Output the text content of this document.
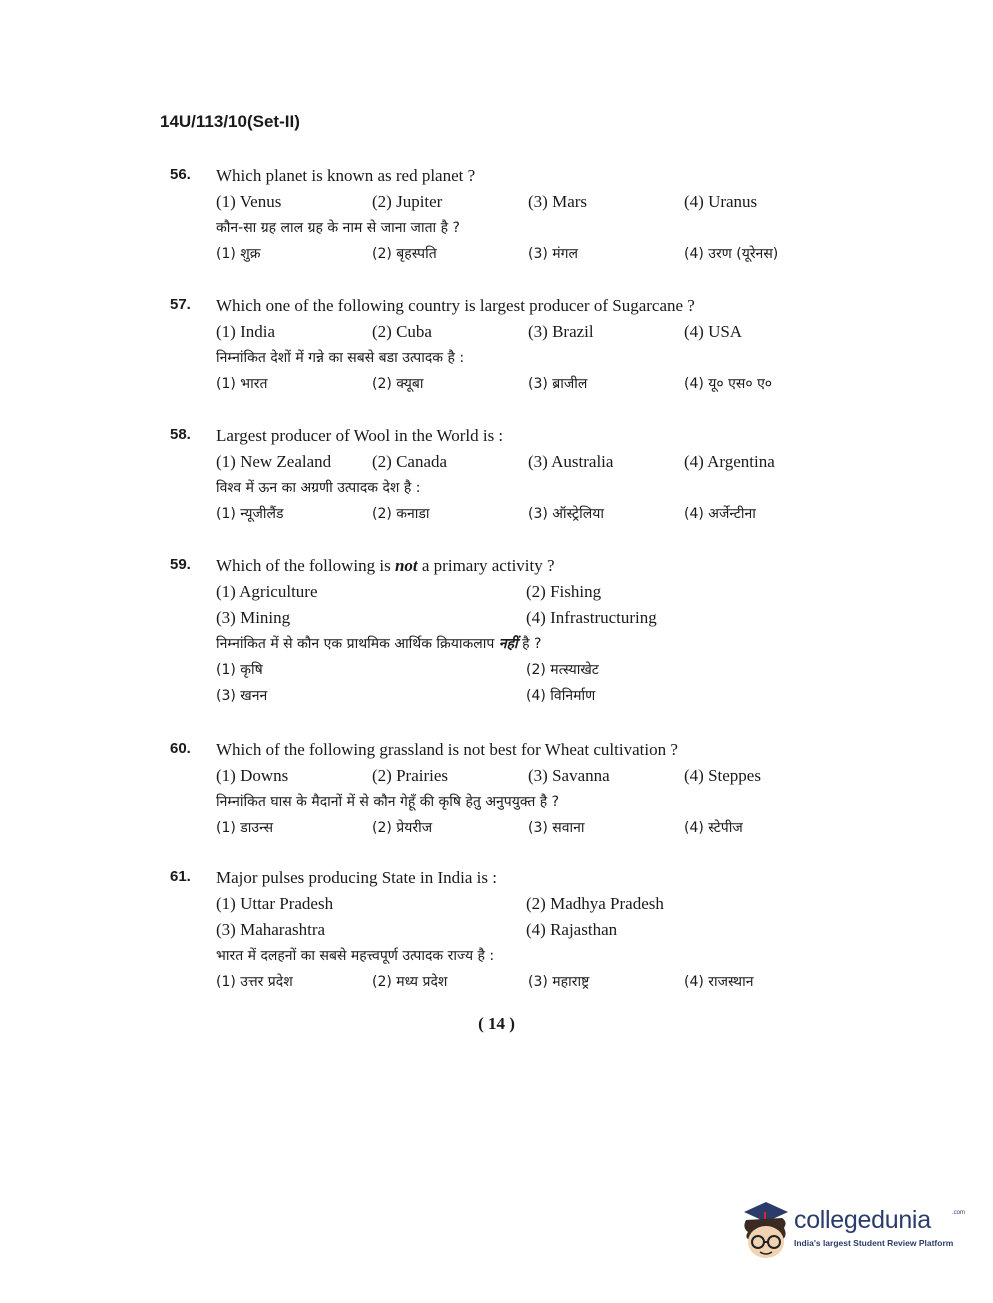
14U/113/10(Set-II)
56. Which planet is known as red planet ?
(1) Venus	(2) Jupiter	(3) Mars	(4) Uranus
कौन-सा ग्रह लाल ग्रह के नाम से जाना जाता है ?
(1) शुक्र	(2) बृहस्पति	(3) मंगल	(4) उरण (यूरेनस)
57. Which one of the following country is largest producer of Sugarcane ?
(1) India	(2) Cuba	(3) Brazil	(4) USA
निम्नांकित देशों में गन्ने का सबसे बडा उत्पादक है :
(1) भारत	(2) क्यूबा	(3) ब्राजील	(4) यू० एस० ए०
58. Largest producer of Wool in the World is :
(1) New Zealand (2) Canada	(3) Australia	(4) Argentina
विश्व में ऊन का अग्रणी उत्पादक देश है :
(1) न्यूजीलैंड	(2) कनाडा	(3) ऑस्ट्रेलिया	(4) अर्जेन्टीना
59. Which of the following is not a primary activity ?
(1) Agriculture	(2) Fishing
(3) Mining	(4) Infrastructuring
निम्नांकित में से कौन एक प्राथमिक आर्थिक क्रियाकलाप नहीं है ?
(1) कृषि	(2) मत्स्याखेट
(3) खनन	(4) विनिर्माण
60. Which of the following grassland is not best for Wheat cultivation ?
(1) Downs	(2) Prairies	(3) Savanna	(4) Steppes
निम्नांकित घास के मैदानों में से कौन गेहूँ की कृषि हेतु अनुपयुक्त है ?
(1) डाउन्स	(2) प्रेयरीज	(3) सवाना	(4) स्टेपीज
61. Major pulses producing State in India is :
(1) Uttar Pradesh	(2) Madhya Pradesh
(3) Maharashtra	(4) Rajasthan
भारत में दलहनों का सबसे महत्त्वपूर्ण उत्पादक राज्य है :
(1) उत्तर प्रदेश	(2) मध्य प्रदेश	(3) महाराष्ट्र	(4) राजस्थान
( 14 )
collegedunia	.com
India's largest Student Review Platform
